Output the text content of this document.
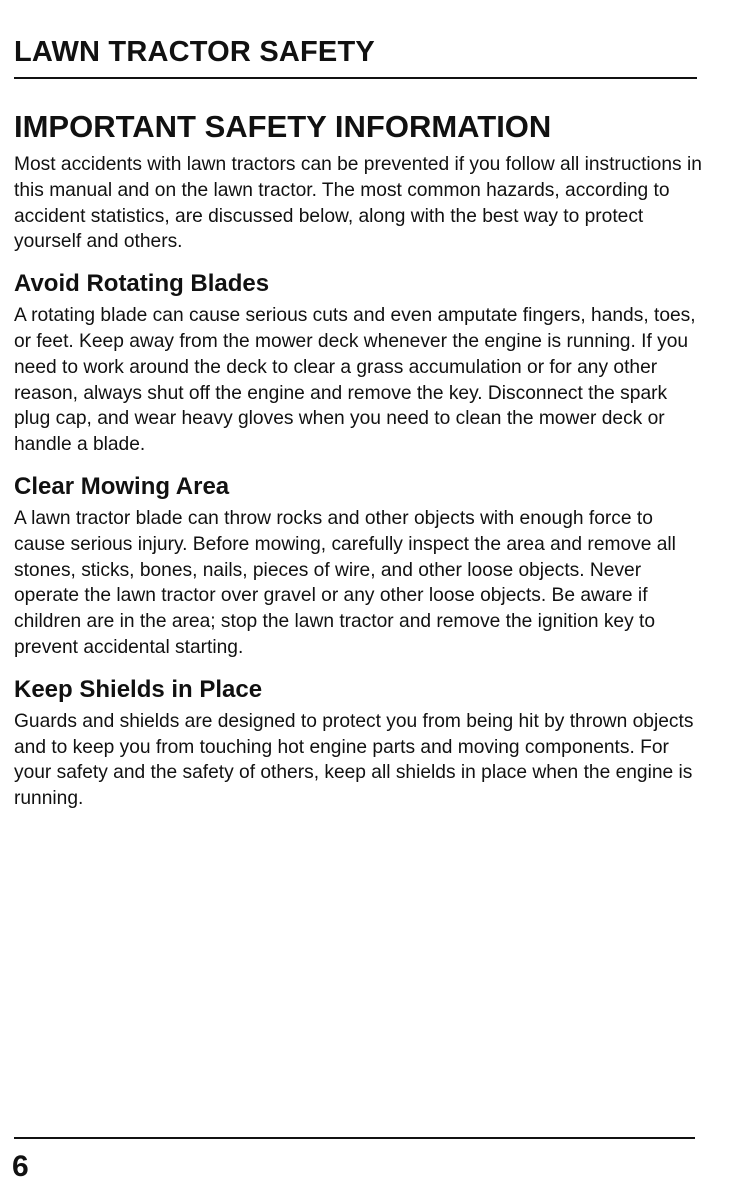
LAWN TRACTOR SAFETY
IMPORTANT SAFETY INFORMATION

Most accidents with lawn tractors can be prevented if you follow all instructions in this manual and on the lawn tractor. The most common hazards, according to accident statistics, are discussed below, along with the best way to protect yourself and others.

Avoid Rotating Blades

A rotating blade can cause serious cuts and even amputate fingers, hands, toes, or feet. Keep away from the mower deck whenever the engine is running. If you need to work around the deck to clear a grass accumulation or for any other reason, always shut off the engine and remove the key. Disconnect the spark plug cap, and wear heavy gloves when you need to clean the mower deck or handle a blade.

Clear Mowing Area

A lawn tractor blade can throw rocks and other objects with enough force to cause serious injury. Before mowing, carefully inspect the area and remove all stones, sticks, bones, nails, pieces of wire, and other loose objects. Never operate the lawn tractor over gravel or any other loose objects. Be aware if children are in the area; stop the lawn tractor and remove the ignition key to prevent accidental starting.

Keep Shields in Place

Guards and shields are designed to protect you from being hit by thrown objects and to keep you from touching hot engine parts and moving components. For your safety and the safety of others, keep all shields in place when the engine is running.

6
